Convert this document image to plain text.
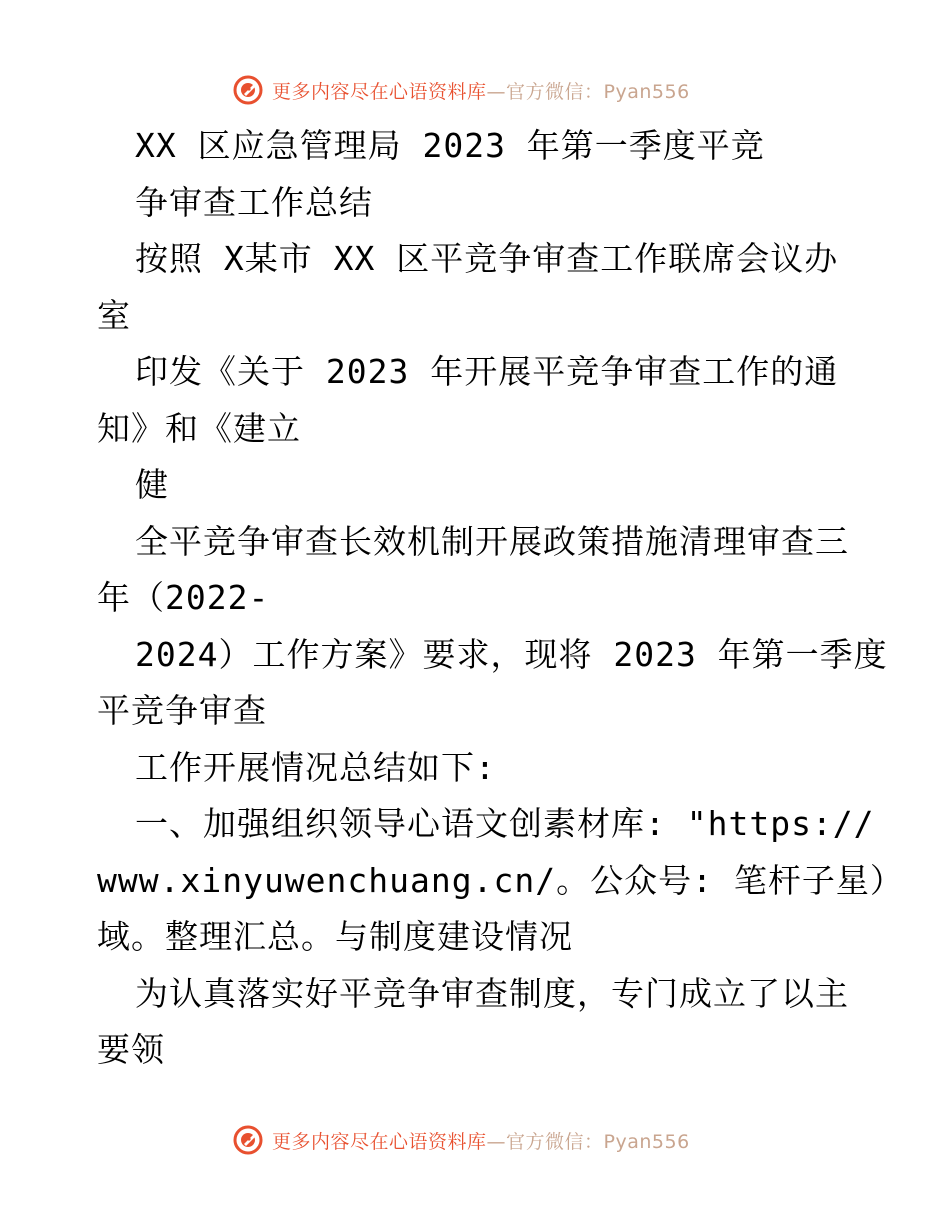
更多内容尽在心语资料库—官方微信：Pyan556
XX 区应急管理局 2023 年第一季度平竞
争审查工作总结
按照 X某市 XX 区平竞争审查工作联席会议办
室
印发《关于 2023 年开展平竞争审查工作的通
知》和《建立
健
全平竞争审查长效机制开展政策措施清理审查三
年（2022-
2024）工作方案》要求，现将 2023 年第一季度
平竞争审查
工作开展情况总结如下:
一、加强组织领导心语文创素材库: "https://
www.xinyuwenchuang.cn/。公众号: 笔杆子星）
域。整理汇总。与制度建设情况
为认真落实好平竞争审查制度，专门成立了以主
要领
更多内容尽在心语资料库—官方微信：Pyan556
